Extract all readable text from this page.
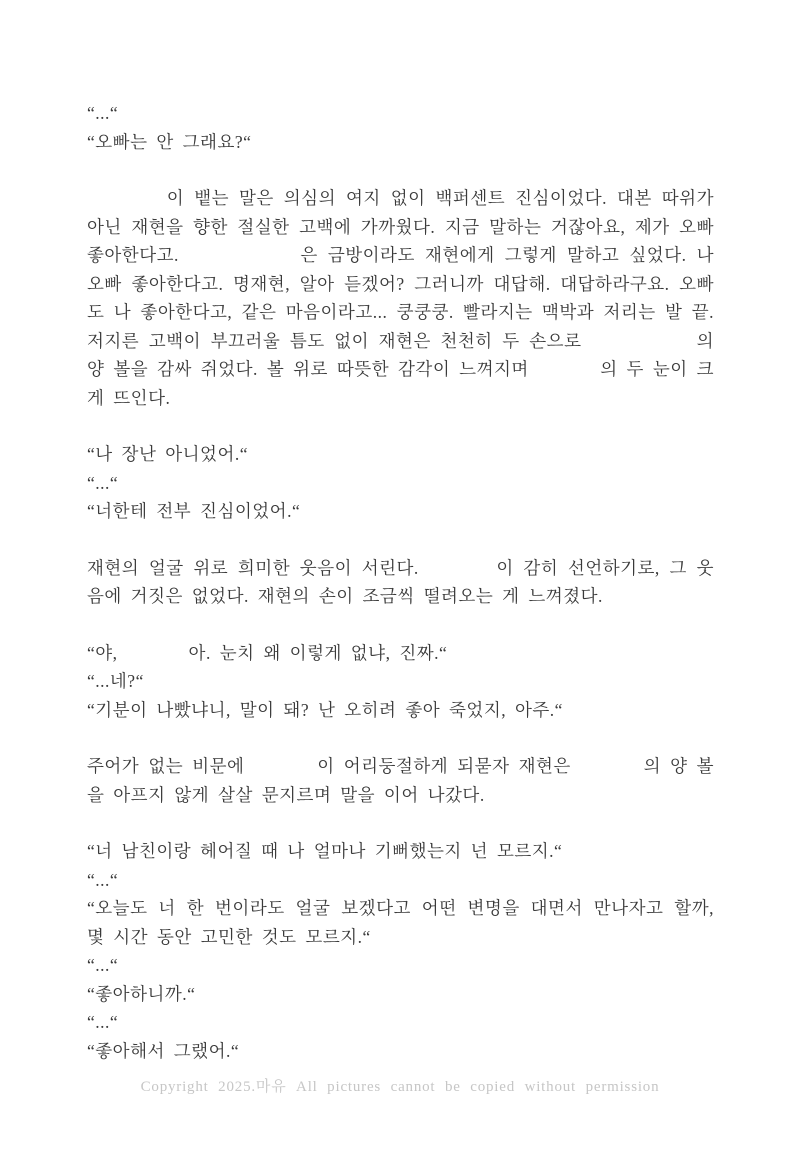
“...“

“오빠는 안 그래요?“

이 뱉는 말은 의심의 여지 없이 백퍼센트 진심이었다. 대본 따위가 아닌 재현을 향한 절실한 고백에 가까웠다. 지금 말하는 거잖아요, 제가 오빠 좋아한다고.            은 금방이라도 재현에게 그렇게 말하고 싶었다. 나 오빠 좋아한다고. 명재현, 알아 듣겠어? 그러니까 대답해. 대답하라구요. 오빠도 나 좋아한다고, 같은 마음이라고... 쿵쿵쿵. 빨라지는 맥박과 저리는 발 끝. 저지른 고백이 부끄러울 틈도 없이 재현은 천천히 두 손으로            의 양 볼을 감싸 쥐었다. 볼 위로 따뜻한 감각이 느껴지며        의 두 눈이 크게 뜨인다.

“나 장난 아니었어.“

“...“

“너한테 전부 진심이었어.“

재현의 얼굴 위로 희미한 웃음이 서린다.        이 감히 선언하기로, 그 웃음에 거짓은 없었다. 재현의 손이 조금씩 떨려오는 게 느껴졌다.

“야,        아. 눈치 왜 이렇게 없냐, 진짜.“

“...네?“

“기분이 나빴냐니, 말이 돼? 난 오히려 좋아 죽었지, 아주.“

주어가 없는 비문에        이 어리둥절하게 되묻자 재현은        의 양 볼을 아프지 않게 살살 문지르며 말을 이어 나갔다.

“너 남친이랑 헤어질 때 나 얼마나 기뻐했는지 넌 모르지.“

“...“

“오늘도 너 한 번이라도 얼굴 보겠다고 어떤 변명을 대면서 만나자고 할까, 몇 시간 동안 고민한 것도 모르지.“

“...“

“좋아하니까.“

“...“

“좋아해서 그랬어.“

Copyright 2025.마유 All pictures cannot be copied without permission
